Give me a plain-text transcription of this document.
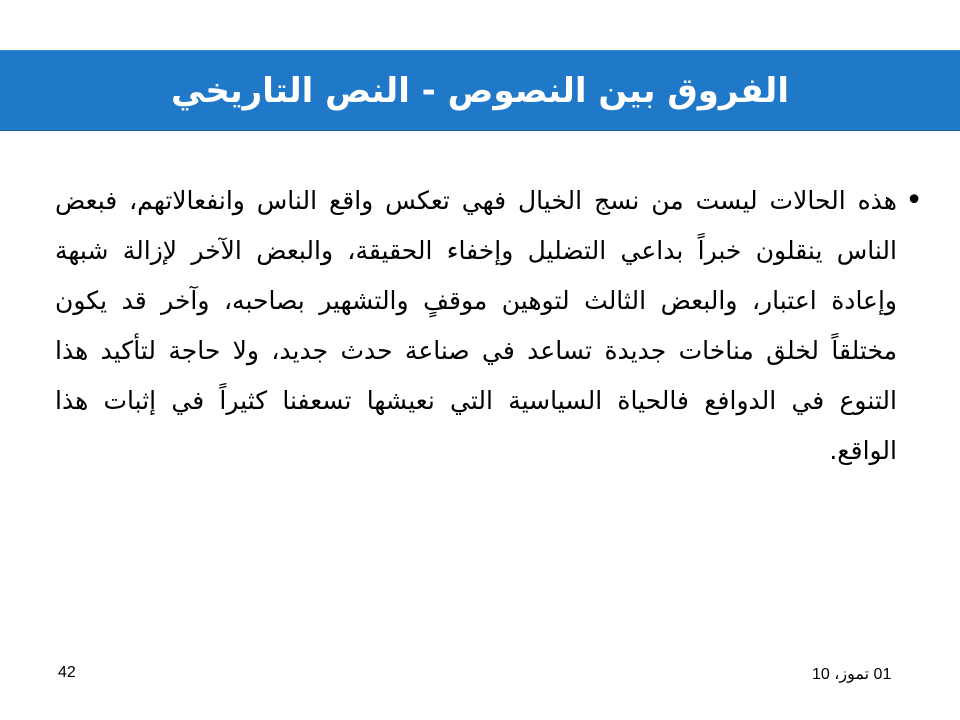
الفروق بين النصوص - النص التاريخي
•

هذه الحالات ليست من نسج الخيال فهي تعكس واقع الناس وانفعالاتهم، فبعض الناس ينقلون خبراً بداعي التضليل وإخفاء الحقيقة، والبعض الآخر لإزالة شبهة وإعادة اعتبار، والبعض الثالث لتوهين موقفٍ والتشهير بصاحبه، وآخر قد يكون مختلقاً لخلق مناخات جديدة تساعد في صناعة حدث جديد، ولا حاجة لتأكيد هذا التنوع في الدوافع فالحياة السياسية التي نعيشها تسعفنا كثيراً في إثبات هذا الواقع.

01 تموز، 10
42
